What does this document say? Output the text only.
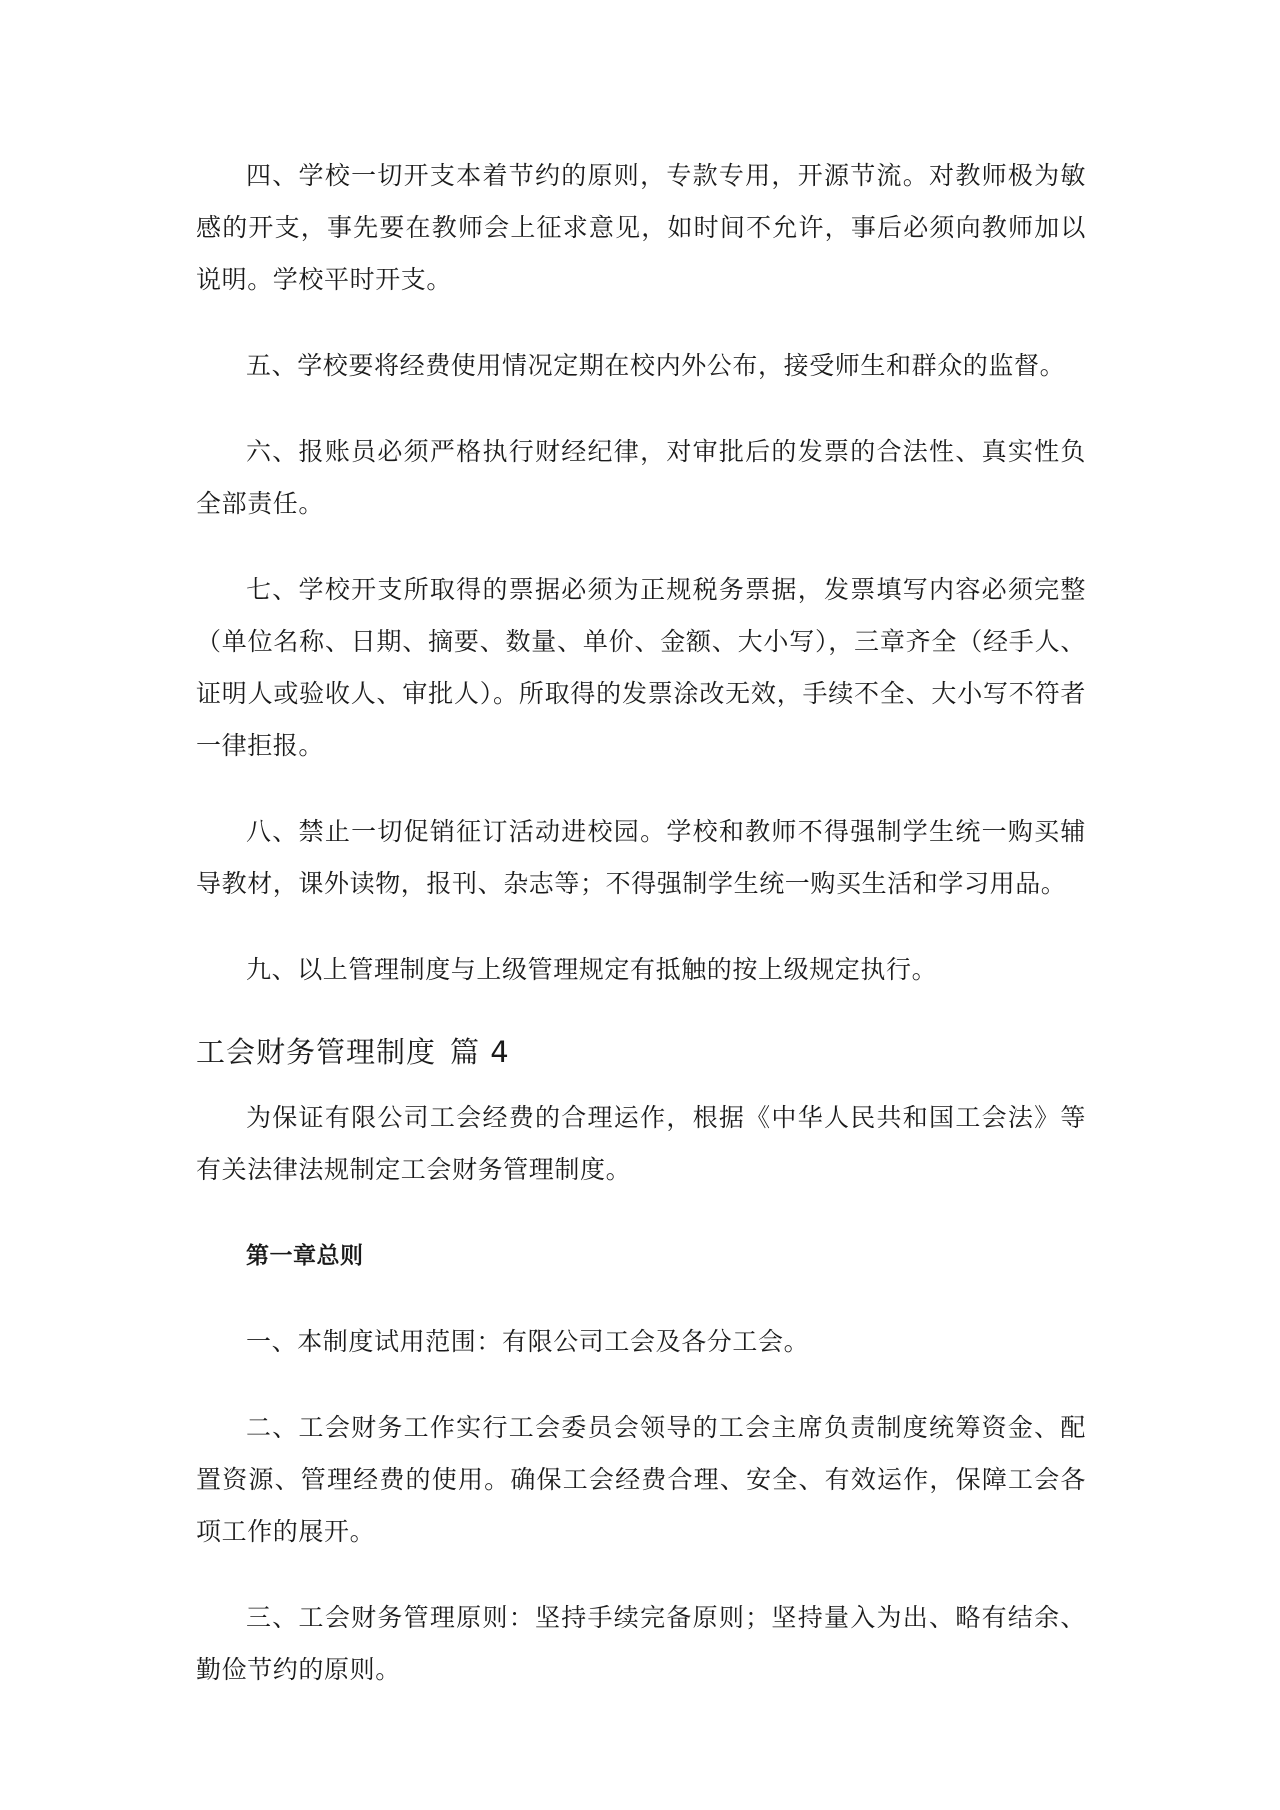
四、学校一切开支本着节约的原则，专款专用，开源节流。对教师极为敏感的开支，事先要在教师会上征求意见，如时间不允许，事后必须向教师加以说明。学校平时开支。

五、学校要将经费使用情况定期在校内外公布，接受师生和群众的监督。

六、报账员必须严格执行财经纪律，对审批后的发票的合法性、真实性负全部责任。

七、学校开支所取得的票据必须为正规税务票据，发票填写内容必须完整（单位名称、日期、摘要、数量、单价、金额、大小写），三章齐全（经手人、证明人或验收人、审批人）。所取得的发票涂改无效，手续不全、大小写不符者一律拒报。

八、禁止一切促销征订活动进校园。学校和教师不得强制学生统一购买辅导教材，课外读物，报刊、杂志等；不得强制学生统一购买生活和学习用品。

九、以上管理制度与上级管理规定有抵触的按上级规定执行。

工会财务管理制度 篇 4

为保证有限公司工会经费的合理运作，根据《中华人民共和国工会法》等有关法律法规制定工会财务管理制度。

第一章总则

一、本制度试用范围：有限公司工会及各分工会。

二、工会财务工作实行工会委员会领导的工会主席负责制度统筹资金、配置资源、管理经费的使用。确保工会经费合理、安全、有效运作，保障工会各项工作的展开。

三、工会财务管理原则：坚持手续完备原则；坚持量入为出、略有结余、勤俭节约的原则。
